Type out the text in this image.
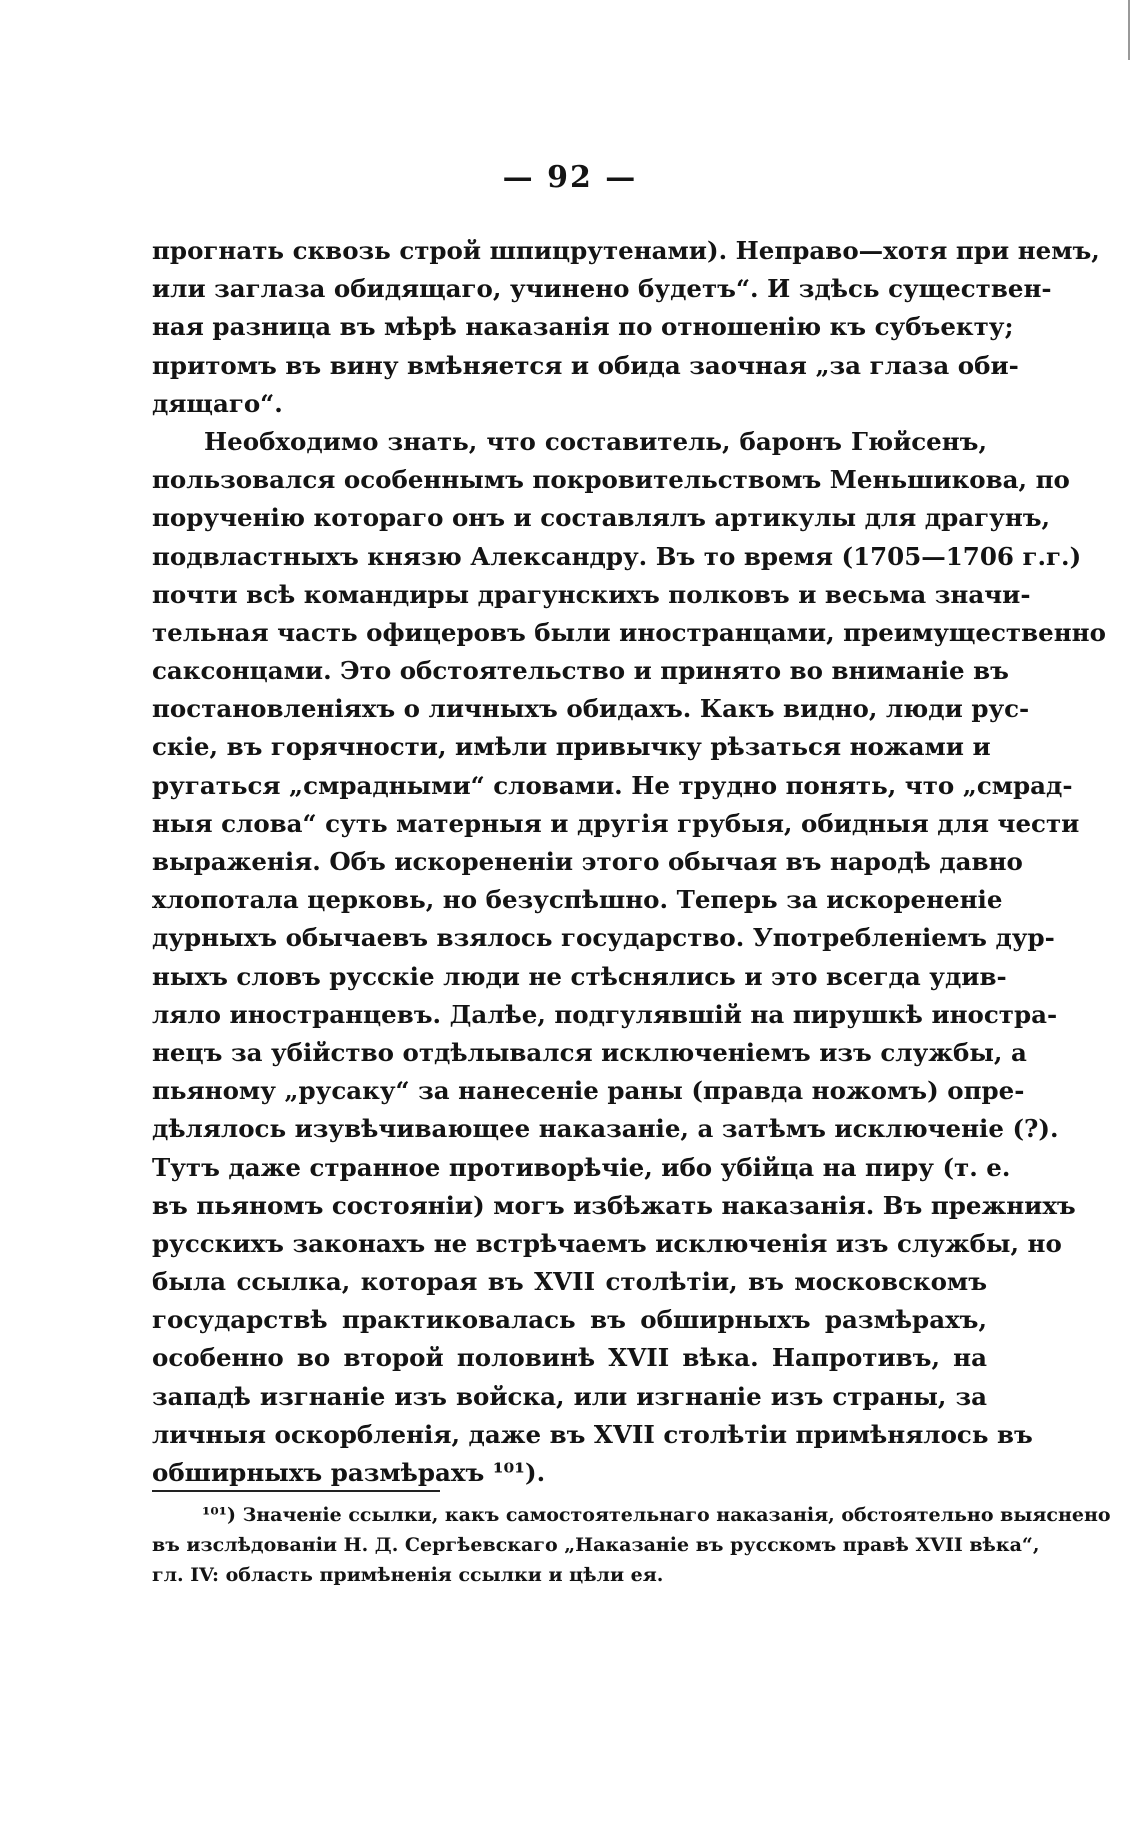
— 92 —
прогнать сквозь строй шпицрутенами). Неправо—хотя при немъ,
или заглаза обидящаго, учинено будетъ“. И здѣсь существен-
ная разница въ мѣрѣ наказанія по отношенію къ субъекту;
притомъ въ вину вмѣняется и обида заочная „за глаза оби-
дящаго“.
Необходимо знать, что составитель, баронъ Гюйсенъ,
пользовался особеннымъ покровительствомъ Меньшикова, по
порученію котораго онъ и составлялъ артикулы для драгунъ,
подвластныхъ князю Александру. Въ то время (1705—1706 г.г.)
почти всѣ командиры драгунскихъ полковъ и весьма значи-
тельная часть офицеровъ были иностранцами, преимущественно
саксонцами. Это обстоятельство и принято во вниманіе въ
постановленіяхъ о личныхъ обидахъ. Какъ видно, люди рус-
скіе, въ горячности, имѣли привычку рѣзаться ножами и
ругаться „смрадными“ словами. Не трудно понять, что „смрад-
ныя слова“ суть матерныя и другія грубыя, обидныя для чести
выраженія. Объ искорененіи этого обычая въ народѣ давно
хлопотала церковь, но безуспѣшно. Теперь за искорененіе
дурныхъ обычаевъ взялось государство. Употребленіемъ дур-
ныхъ словъ русскіе люди не стѣснялись и это всегда удив-
ляло иностранцевъ. Далѣе, подгулявшій на пирушкѣ иностра-
нецъ за убійство отдѣлывался исключеніемъ изъ службы, а
пьяному „русаку“ за нанесеніе раны (правда ножомъ) опре-
дѣлялось изувѣчивающее наказаніе, а затѣмъ исключеніе (?).
Тутъ даже странное противорѣчіе, ибо убійца на пиру (т. е.
въ пьяномъ состояніи) могъ избѣжать наказанія. Въ прежнихъ
русскихъ законахъ не встрѣчаемъ исключенія изъ службы, но
была ссылка, которая въ XVII столѣтіи, въ московскомъ
государствѣ практиковалась въ обширныхъ размѣрахъ,
особенно во второй половинѣ XVII вѣка. Напротивъ, на
западѣ изгнаніе изъ войска, или изгнаніе изъ страны, за
личныя оскорбленія, даже въ XVII столѣтіи примѣнялось въ
обширныхъ размѣрахъ ¹⁰¹).
¹⁰¹) Значеніе ссылки, какъ самостоятельнаго наказанія, обстоятельно выяснено
въ изслѣдованіи Н. Д. Сергѣевскаго „Наказаніе въ русскомъ правѣ XVII вѣка“,
гл. IV: область примѣненія ссылки и цѣли ея.
